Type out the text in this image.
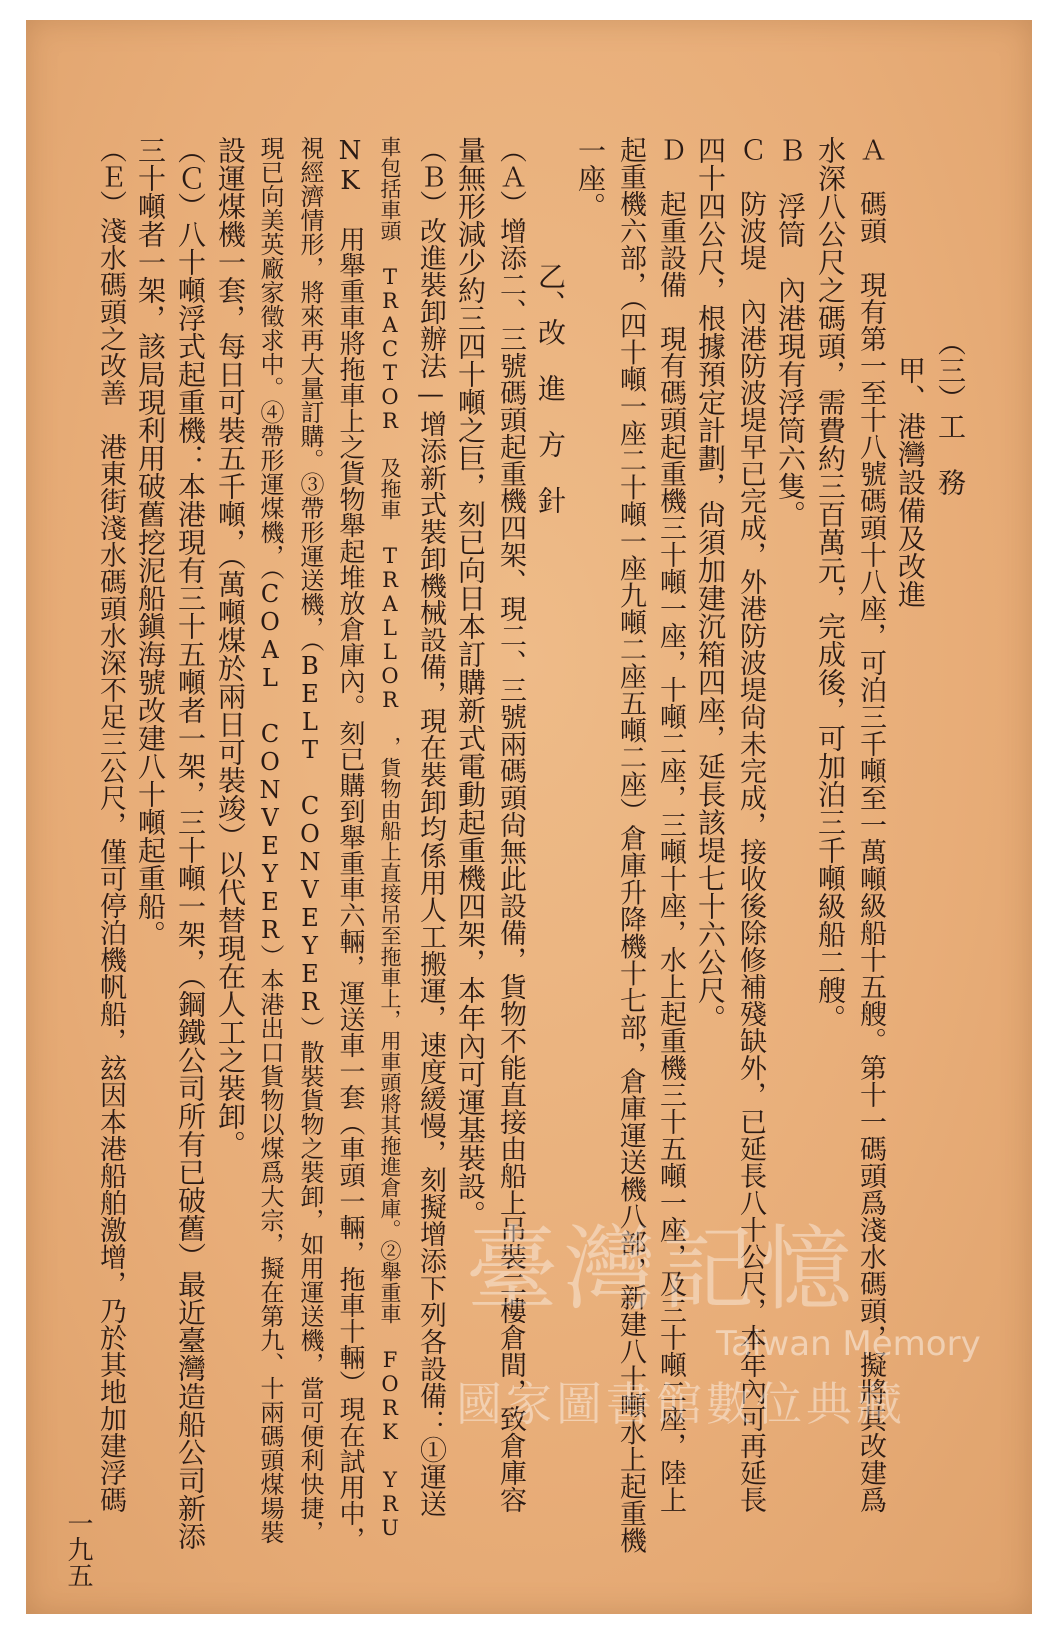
（三）工　務
　甲、港灣設備及改進
Ａ　碼頭　現有第一至十八號碼頭十八座，可泊三千噸至一萬噸級船十五艘。第十一碼頭爲淺水碼頭，擬將其改建爲
水深八公尺之碼頭，需費約三百萬元，完成後，可加泊三千噸級船二艘。
Ｂ　浮筒　內港現有浮筒六隻。
Ｃ　防波堤　內港防波堤早已完成，外港防波堤尙未完成，接收後除修補殘缺外，已延長八十公尺，本年內可再延長
四十四公尺，根據預定計劃，尙須加建沉箱四座，延長該堤七十六公尺。
Ｄ　起重設備　現有碼頭起重機三十噸一座，十噸二座，三噸十座，水上起重機三十五噸一座，及三十噸二座，陸上
起重機六部，（四十噸一座二十噸一座九噸二座五噸二座）倉庫升降機十七部，倉庫運送機八部，新建八十噸水上起重機
一座。
　　乙、改　進　方　針
（Ａ）增添二、三號碼頭起重機四架、現二、三號兩碼頭尙無此設備，貨物不能直接由船上吊裝二樓倉間，致倉庫容
量無形減少約三四十噸之巨，刻已向日本訂購新式電動起重機四架，本年內可運基裝設。
（Ｂ）改進裝卸辦法—增添新式裝卸機械設備，現在裝卸均係用人工搬運，速度緩慢，刻擬增添下列各設備：①運送
車包括車頭 TRACTOR 及拖車 TRALLOR ，貨物由船上直接吊至拖車上，用車頭將其拖進倉庫。②舉重車 FORK YRU
NK 用舉重車將拖車上之貨物舉起堆放倉庫內。刻已購到舉重車六輛，運送車一套（車頭一輛，拖車十輛）現在試用中，
視經濟情形，將來再大量訂購。③帶形運送機，（BELT CONVEYER）散裝貨物之裝卸，如用運送機，當可便利快捷，
現已向美英廠家徵求中。④帶形運煤機，（COAL CONVEYER）本港出口貨物以煤爲大宗，擬在第九、十兩碼頭煤場裝
設運煤機一套，每日可裝五千噸，（萬噸煤於兩日可裝竣）以代替現在人工之裝卸。
（Ｃ）八十噸浮式起重機：本港現有三十五噸者一架，三十噸一架，（鋼鐵公司所有已破舊）最近臺灣造船公司新添
三十噸者一架，該局現利用破舊挖泥船鎭海號改建八十噸起重船。
（Ｅ）淺水碼頭之改善　港東街淺水碼頭水深不足三公尺，僅可停泊機帆船，玆因本港船舶激增，乃於其地加建浮碼
一九五
臺灣記憶
Taiwan Memory
國家圖書館數位典藏
